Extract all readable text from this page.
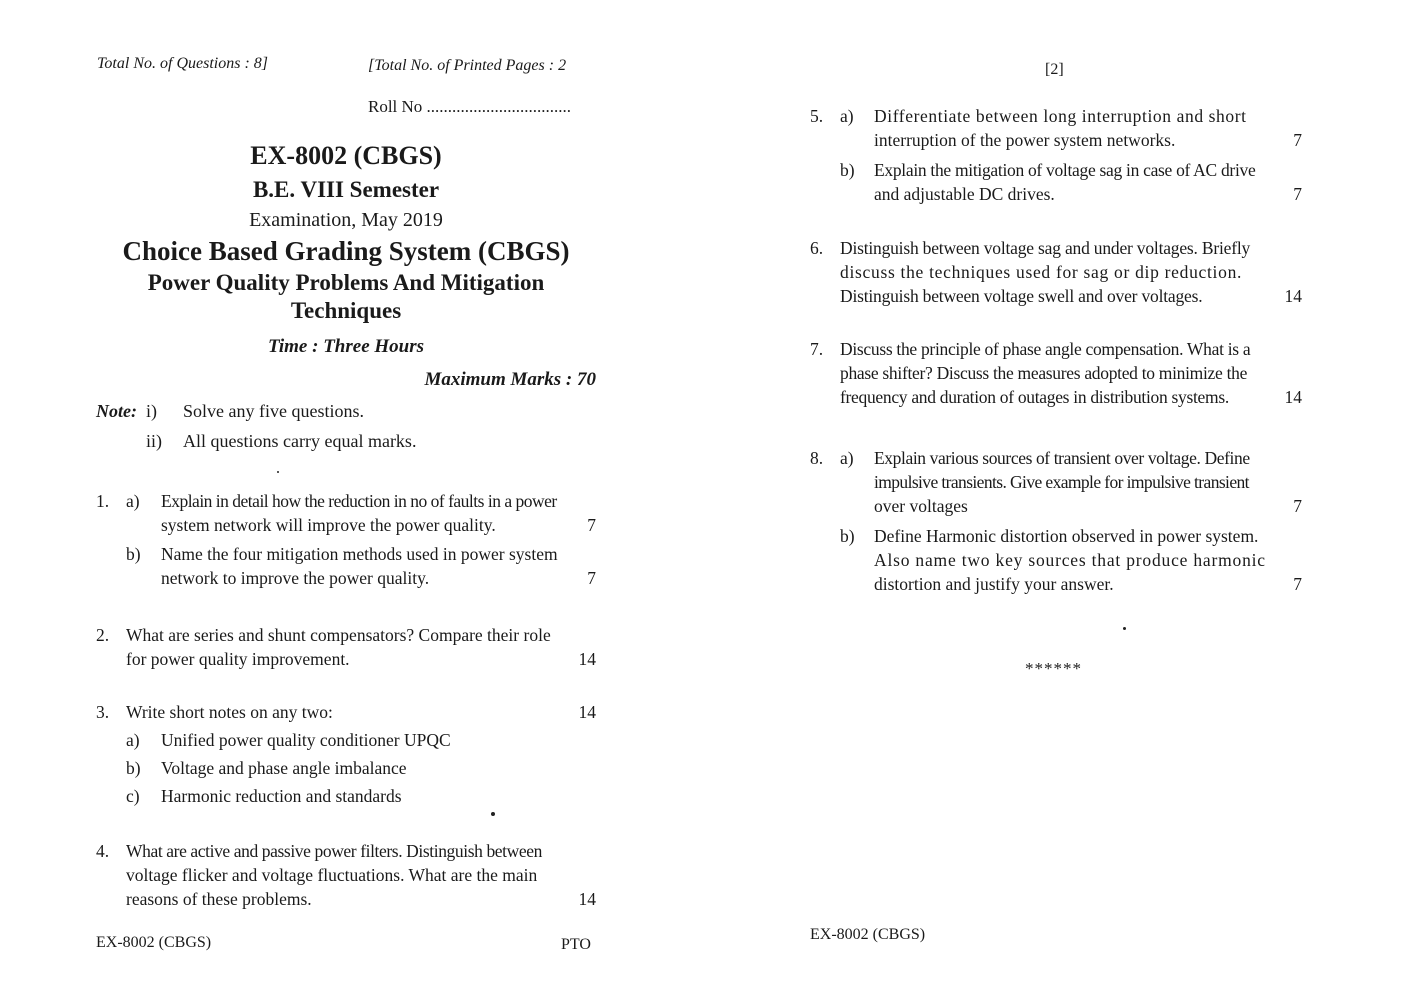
Total No. of Questions : 8]	[Total No. of Printed Pages : 2
Roll No ..................................
EX-8002 (CBGS)
B.E. VIII Semester
Examination, May 2019
Choice Based Grading System (CBGS)
Power Quality Problems And Mitigation
Techniques
Time : Three Hours
Maximum Marks : 70
Note: i) Solve any five questions.
ii) All questions carry equal marks.
1. a) Explain in detail how the reduction in no of faults in a power
system network will improve the power quality.	7
b) Name the four mitigation methods used in power system
network to improve the power quality.	7
2. What are series and shunt compensators? Compare their role
for power quality improvement.	14
3. Write short notes on any two:	14
a) Unified power quality conditioner UPQC
b) Voltage and phase angle imbalance
c) Harmonic reduction and standards
4. What are active and passive power filters. Distinguish between
voltage flicker and voltage fluctuations. What are the main
reasons of these problems.	14
EX-8002 (CBGS)	PTO
[2]
5. a) Differentiate between long interruption and short
interruption of the power system networks.	7
b) Explain the mitigation of voltage sag in case of AC drive
and adjustable DC drives.	7
6. Distinguish between voltage sag and under voltages. Briefly
discuss the techniques used for sag or dip reduction.
Distinguish between voltage swell and over voltages.	14
7. Discuss the principle of phase angle compensation. What is a
phase shifter? Discuss the measures adopted to minimize the
frequency and duration of outages in distribution systems.	14
8. a) Explain various sources of transient over voltage. Define
impulsive transients. Give example for impulsive transient
over voltages	7
b) Define Harmonic distortion observed in power system.
Also name two key sources that produce harmonic
distortion and justify your answer.	7
******
EX-8002 (CBGS)
